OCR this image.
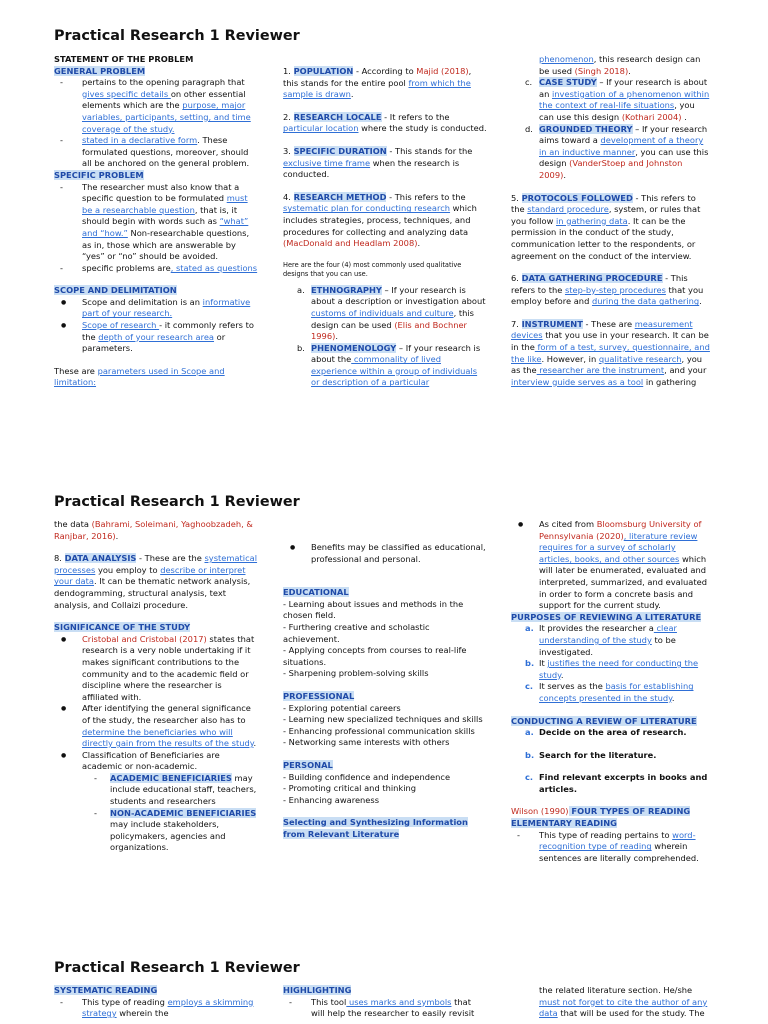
Practical Research 1 Reviewer

STATEMENT OF THE PROBLEM

GENERAL PROBLEM
- pertains to the opening paragraph that gives specific details on other essential elements which are the purpose, major variables, participants, setting, and time coverage of the study.
- stated in a declarative form. These formulated questions, moreover, should all be anchored on the general problem.
SPECIFIC PROBLEM
- The researcher must also know that a specific question to be formulated must be a researchable question, that is, it should begin with words such as “what” and “how.” Non-researchable questions, as in, those which are answerable by “yes” or “no” should be avoided.
- specific problems are, stated as questions
SCOPE AND DELIMITATION
● Scope and delimitation is an informative part of your research.
● Scope of research - it commonly refers to the depth of your research area or parameters.

These are parameters used in Scope and limitation:

1. POPULATION - According to Majid (2018), this stands for the entire pool from which the sample is drawn.

2. RESEARCH LOCALE - It refers to the particular location where the study is conducted.

3. SPECIFIC DURATION - This stands for the exclusive time frame when the research is conducted.

4. RESEARCH METHOD - This refers to the systematic plan for conducting research which includes strategies, process, techniques, and procedures for collecting and analyzing data (MacDonald and Headlam 2008).

Here are the four (4) most commonly used qualitative designs that you can use.

a. ETHNOGRAPHY – If your research is about a description or investigation about customs of individuals and culture, this design can be used (Elis and Bochner 1996).
b. PHENOMENOLOGY – If your research is about the commonality of lived experience within a group of individuals or description of a particular
phenomenon, this research design can be used (Singh 2018).
c. CASE STUDY – If your research is about an investigation of a phenomenon within the context of real-life situations, you can use this design (Kothari 2004) .
d. GROUNDED THEORY – If your research aims toward a development of a theory in an inductive manner, you can use this design (VanderStoep and Johnston 2009).

5. PROTOCOLS FOLLOWED - This refers to the standard procedure, system, or rules that you follow in gathering data. It can be the permission in the conduct of the study, communication letter to the respondents, or agreement on the conduct of the interview.

6. DATA GATHERING PROCEDURE - This refers to the step-by-step procedures that you employ before and during the data gathering.

7. INSTRUMENT - These are measurement devices that you use in your research. It can be in the form of a test, survey, questionnaire, and the like. However, in qualitative research, you as the researcher are the instrument, and your interview guide serves as a tool in gathering

Practical Research 1 Reviewer

the data (Bahrami, Soleimani, Yaghoobzadeh, & Ranjbar, 2016).

8. DATA ANALYSIS - These are the systematical processes you employ to describe or interpret your data. It can be thematic network analysis, dendogramming, structural analysis, text analysis, and Collaizi procedure.

SIGNIFICANCE OF THE STUDY
● Cristobal and Cristobal (2017) states that research is a very noble undertaking if it makes significant contributions to the community and to the academic field or discipline where the researcher is affiliated with.
● After identifying the general significance of the study, the researcher also has to determine the beneficiaries who will directly gain from the results of the study.
● Classification of Beneficiaries are academic or non-academic.
- ACADEMIC BENEFICIARIES may include educational staff, teachers, students and researchers
- NON-ACADEMIC BENEFICIARIES may include stakeholders, policymakers, agencies and organizations.
● Benefits may be classified as educational, professional and personal.
EDUCATIONAL

- Learning about issues and methods in the chosen field.

- Furthering creative and scholastic achievement.

- Applying concepts from courses to real-life situations.

- Sharpening problem-solving skills

PROFESSIONAL

- Exploring potential careers

- Learning new specialized techniques and skills

- Enhancing professional communication skills

- Networking same interests with others

PERSONAL

- Building confidence and independence

- Promoting critical and thinking

- Enhancing awareness

Selecting and Synthesizing Information from Relevant Literature
● As cited from Bloomsburg University of Pennsylvania (2020), literature review requires for a survey of scholarly articles, books, and other sources which will later be enumerated, evaluated and interpreted, summarized, and evaluated in order to form a concrete basis and support for the current study.
PURPOSES OF REVIEWING A LITERATURE
a. It provides the researcher a clear understanding of the study to be investigated.
b. It justifies the need for conducting the study.
c. It serves as the basis for establishing concepts presented in the study.
CONDUCTING A REVIEW OF LITERATURE
a. Decide on the area of research.
b. Search for the literature.
c. Find relevant excerpts in books and articles.

Wilson (1990) FOUR TYPES OF READING ELEMENTARY READING

- This type of reading pertains to word-recognition type of reading wherein sentences are literally comprehended.
Practical Research 1 Reviewer
SYSTEMATIC READING
- This type of reading employs a skimming strategy wherein the
HIGHLIGHTING
- This tool uses marks and symbols that will help the researcher to easily revisit

the related literature section. He/she must not forget to cite the author of any data that will be used for the study. The
